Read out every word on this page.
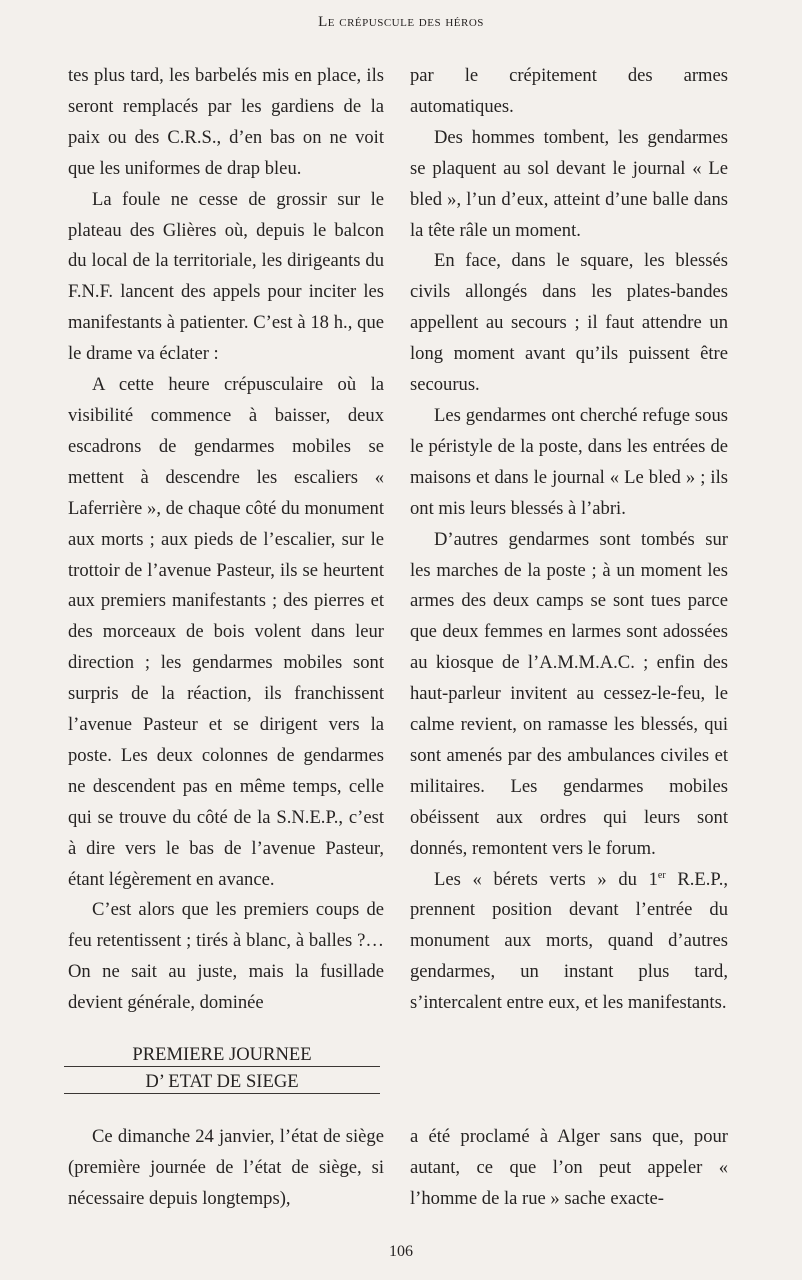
Le crépuscule des héros

tes plus tard, les barbelés mis en place, ils seront remplacés par les gardiens de la paix ou des C.R.S., d’en bas on ne voit que les uniformes de drap bleu.

La foule ne cesse de grossir sur le plateau des Glières où, depuis le balcon du local de la territoriale, les dirigeants du F.N.F. lancent des appels pour inciter les manifestants à patienter. C’est à 18 h., que le drame va éclater :

A cette heure crépusculaire où la visibilité commence à baisser, deux escadrons de gendarmes mobiles se mettent à descendre les escaliers « Laferrière », de chaque côté du monument aux morts ; aux pieds de l’escalier, sur le trottoir de l’avenue Pasteur, ils se heurtent aux premiers manifestants ; des pierres et des morceaux de bois volent dans leur direction ; les gendarmes mobiles sont surpris de la réaction, ils franchissent l’avenue Pasteur et se dirigent vers la poste. Les deux colonnes de gendarmes ne descendent pas en même temps, celle qui se trouve du côté de la S.N.E.P., c’est à dire vers le bas de l’avenue Pasteur, étant légèrement en avance.

C’est alors que les premiers coups de feu retentissent ; tirés à blanc, à balles ?… On ne sait au juste, mais la fusillade devient générale, dominée

par le crépitement des armes automatiques.

Des hommes tombent, les gendarmes se plaquent au sol devant le journal « Le bled », l’un d’eux, atteint d’une balle dans la tête râle un moment.

En face, dans le square, les blessés civils allongés dans les plates-bandes appellent au secours ; il faut attendre un long moment avant qu’ils puissent être secourus.

Les gendarmes ont cherché refuge sous le péristyle de la poste, dans les entrées de maisons et dans le journal « Le bled » ; ils ont mis leurs blessés à l’abri.

D’autres gendarmes sont tombés sur les marches de la poste ; à un moment les armes des deux camps se sont tues parce que deux femmes en larmes sont adossées au kiosque de l’A.M.M.A.C. ; enfin des haut-parleur invitent au cessez-le-feu, le calme revient, on ramasse les blessés, qui sont amenés par des ambulances civiles et militaires. Les gendarmes mobiles obéissent aux ordres qui leurs sont donnés, remontent vers le forum.

Les « bérets verts » du 1er R.E.P., prennent position devant l’entrée du monument aux morts, quand d’autres gendarmes, un instant plus tard, s’intercalent entre eux, et les manifestants.

PREMIERE JOURNEE
D’ ETAT DE SIEGE

Ce dimanche 24 janvier, l’état de siège (première journée de l’état de siège, si nécessaire depuis longtemps),

a été proclamé à Alger sans que, pour autant, ce que l’on peut appeler « l’homme de la rue » sache exacte-

106
